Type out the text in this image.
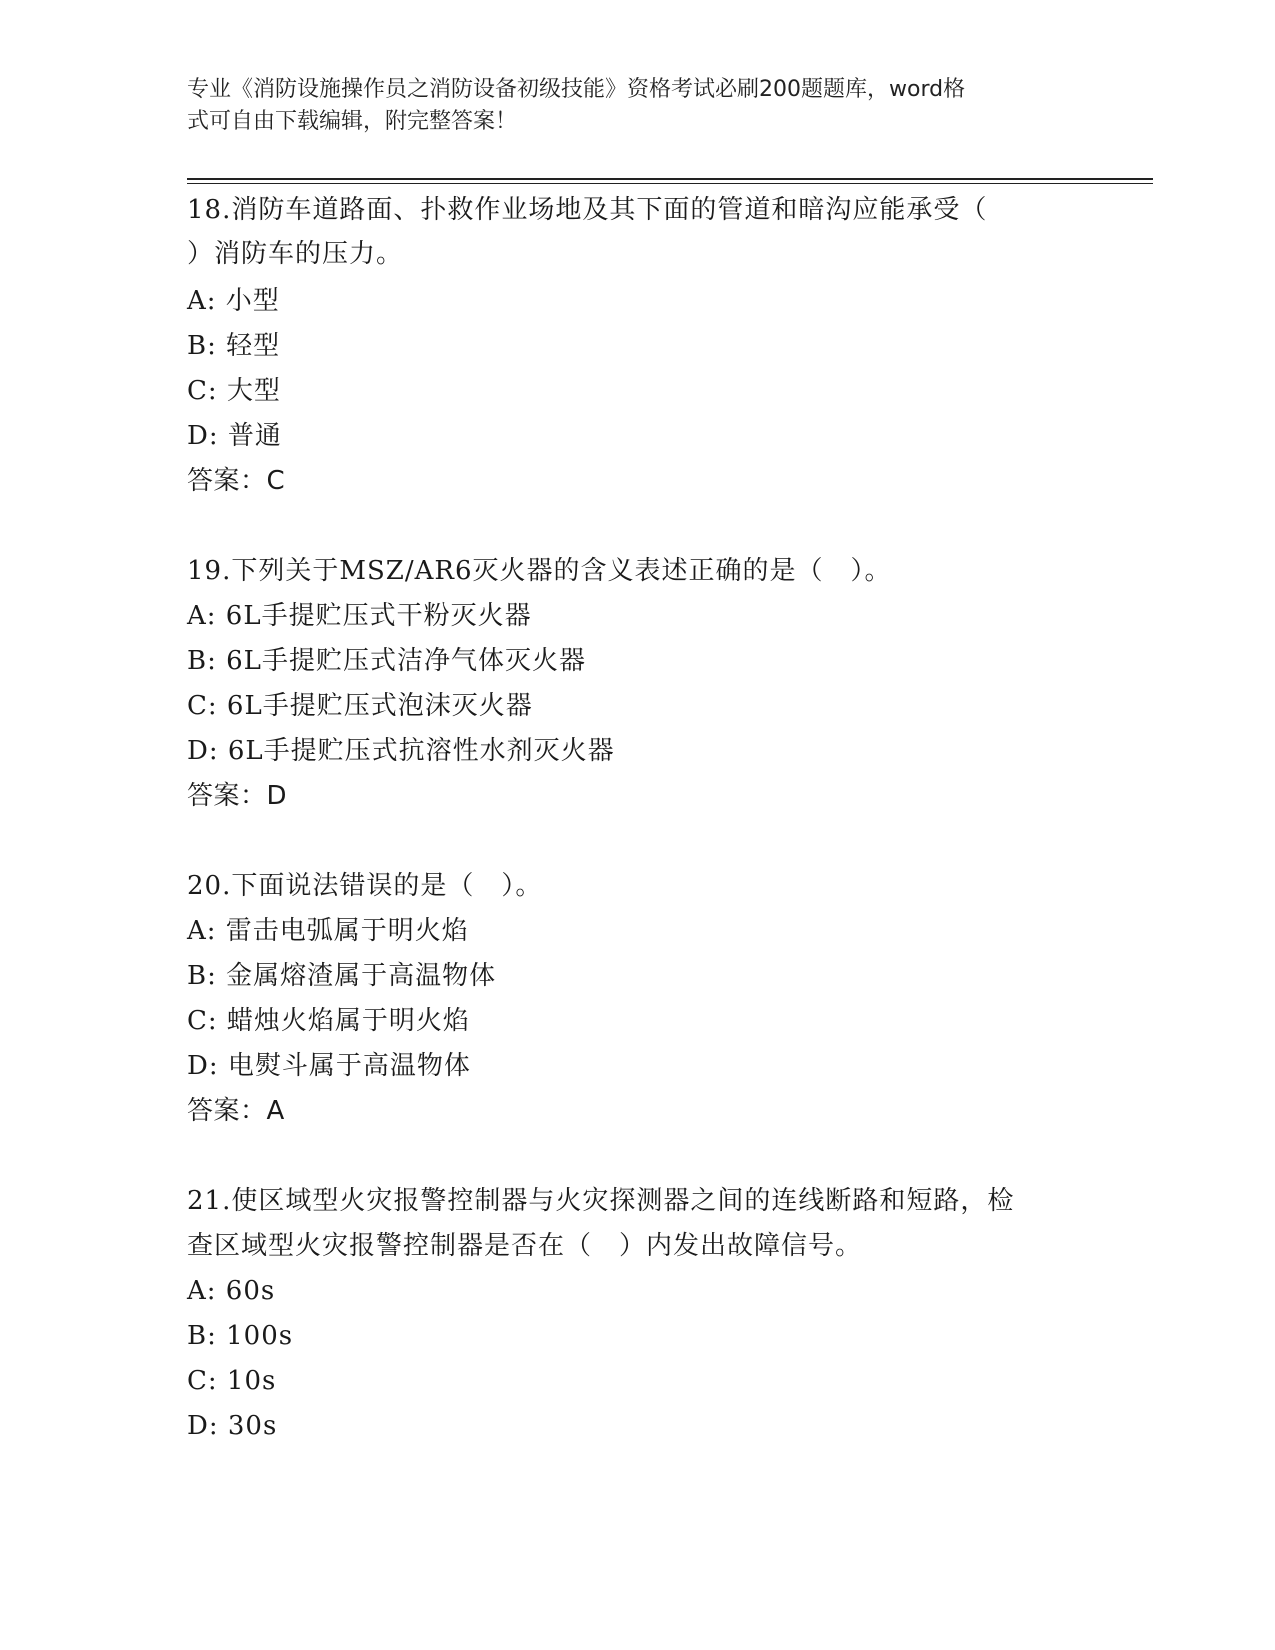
专业《消防设施操作员之消防设备初级技能》资格考试必刷200题题库，word格
式可自由下载编辑，附完整答案！
18.消防车道路面、扑救作业场地及其下面的管道和暗沟应能承受（
）消防车的压力。
A: 小型
B: 轻型
C: 大型
D: 普通
答案：C
19.下列关于MSZ/AR6灭火器的含义表述正确的是（　）。
A: 6L手提贮压式干粉灭火器
B: 6L手提贮压式洁净气体灭火器
C: 6L手提贮压式泡沫灭火器
D: 6L手提贮压式抗溶性水剂灭火器
答案：D
20.下面说法错误的是（　）。
A: 雷击电弧属于明火焰
B: 金属熔渣属于高温物体
C: 蜡烛火焰属于明火焰
D: 电熨斗属于高温物体
答案：A
21.使区域型火灾报警控制器与火灾探测器之间的连线断路和短路，检
查区域型火灾报警控制器是否在（　）内发出故障信号。
A: 60s
B: 100s
C: 10s
D: 30s
